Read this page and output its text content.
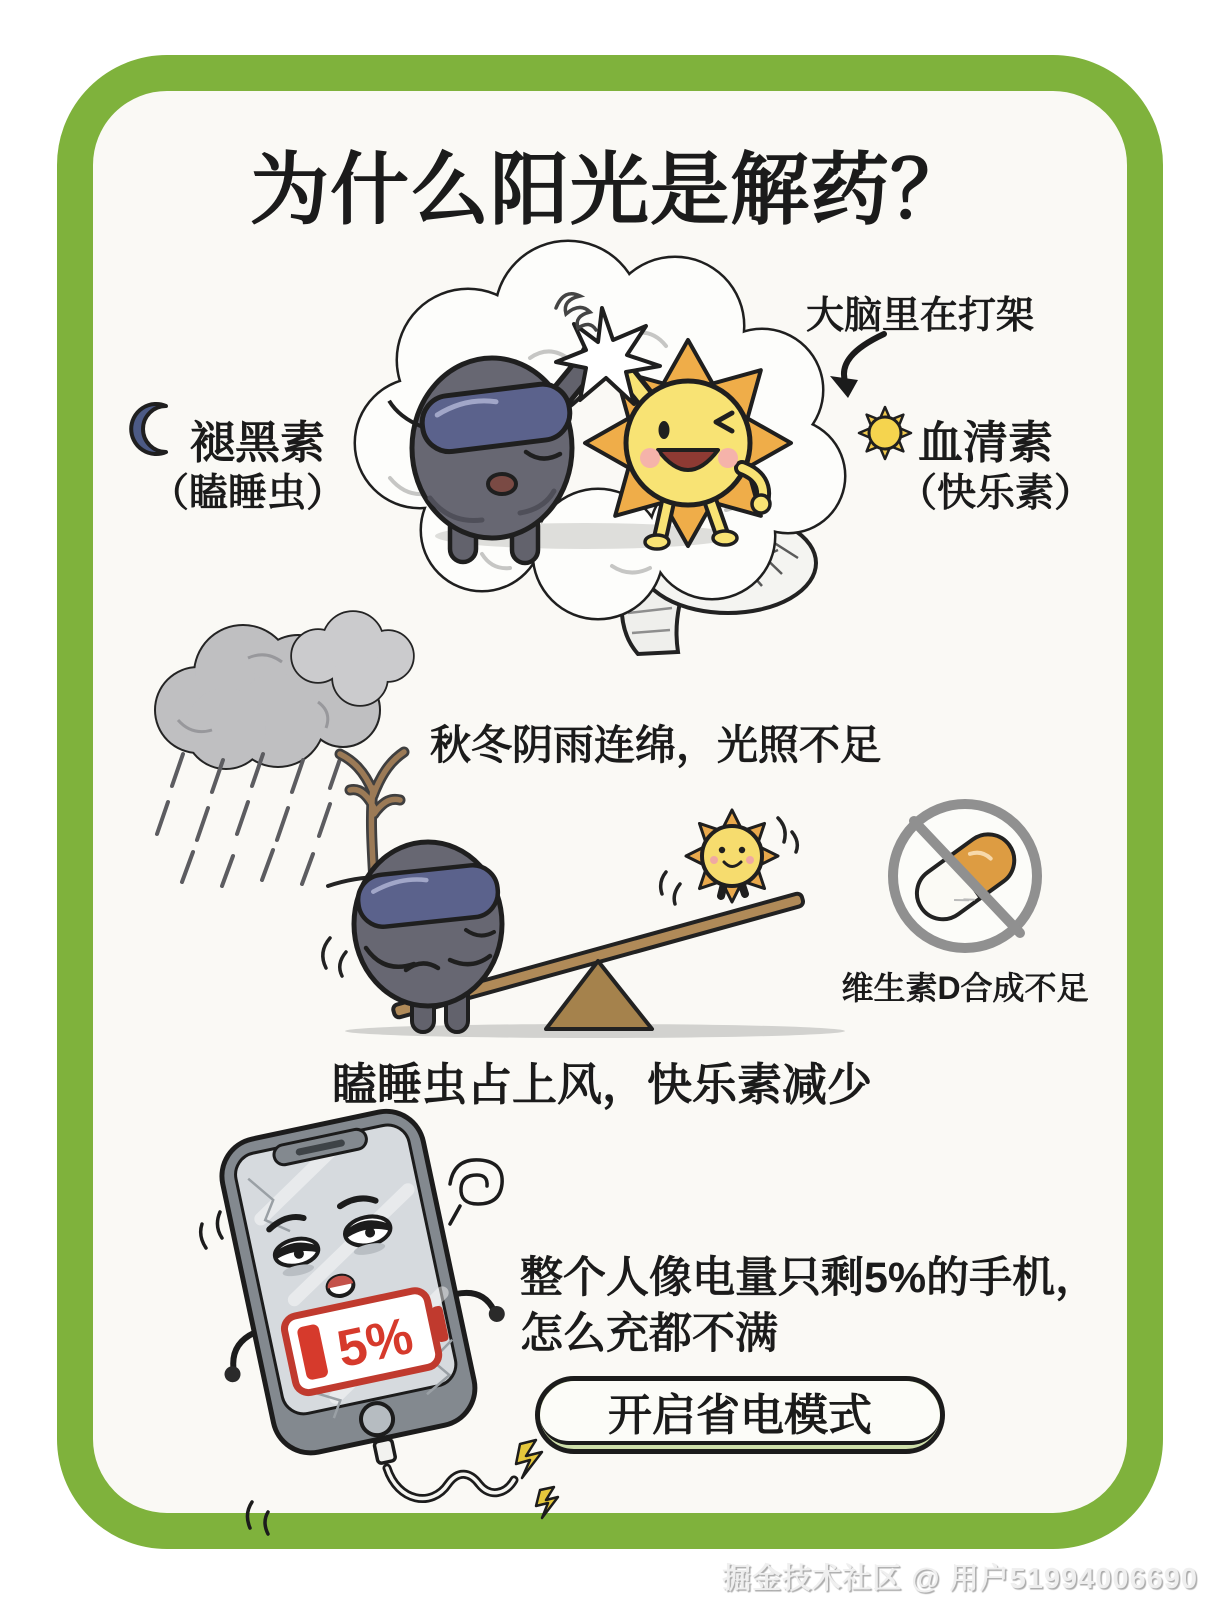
为什么阳光是解药？
大脑里在打架
褪黑素
（瞌睡虫）
血清素
（快乐素）
秋冬阴雨连绵，光照不足
维生素D合成不足
瞌睡虫占上风，快乐素减少
5%
整个人像电量只剩5%的手机，
怎么充都不满
开启省电模式
掘金技术社区 @ 用户51994006690
